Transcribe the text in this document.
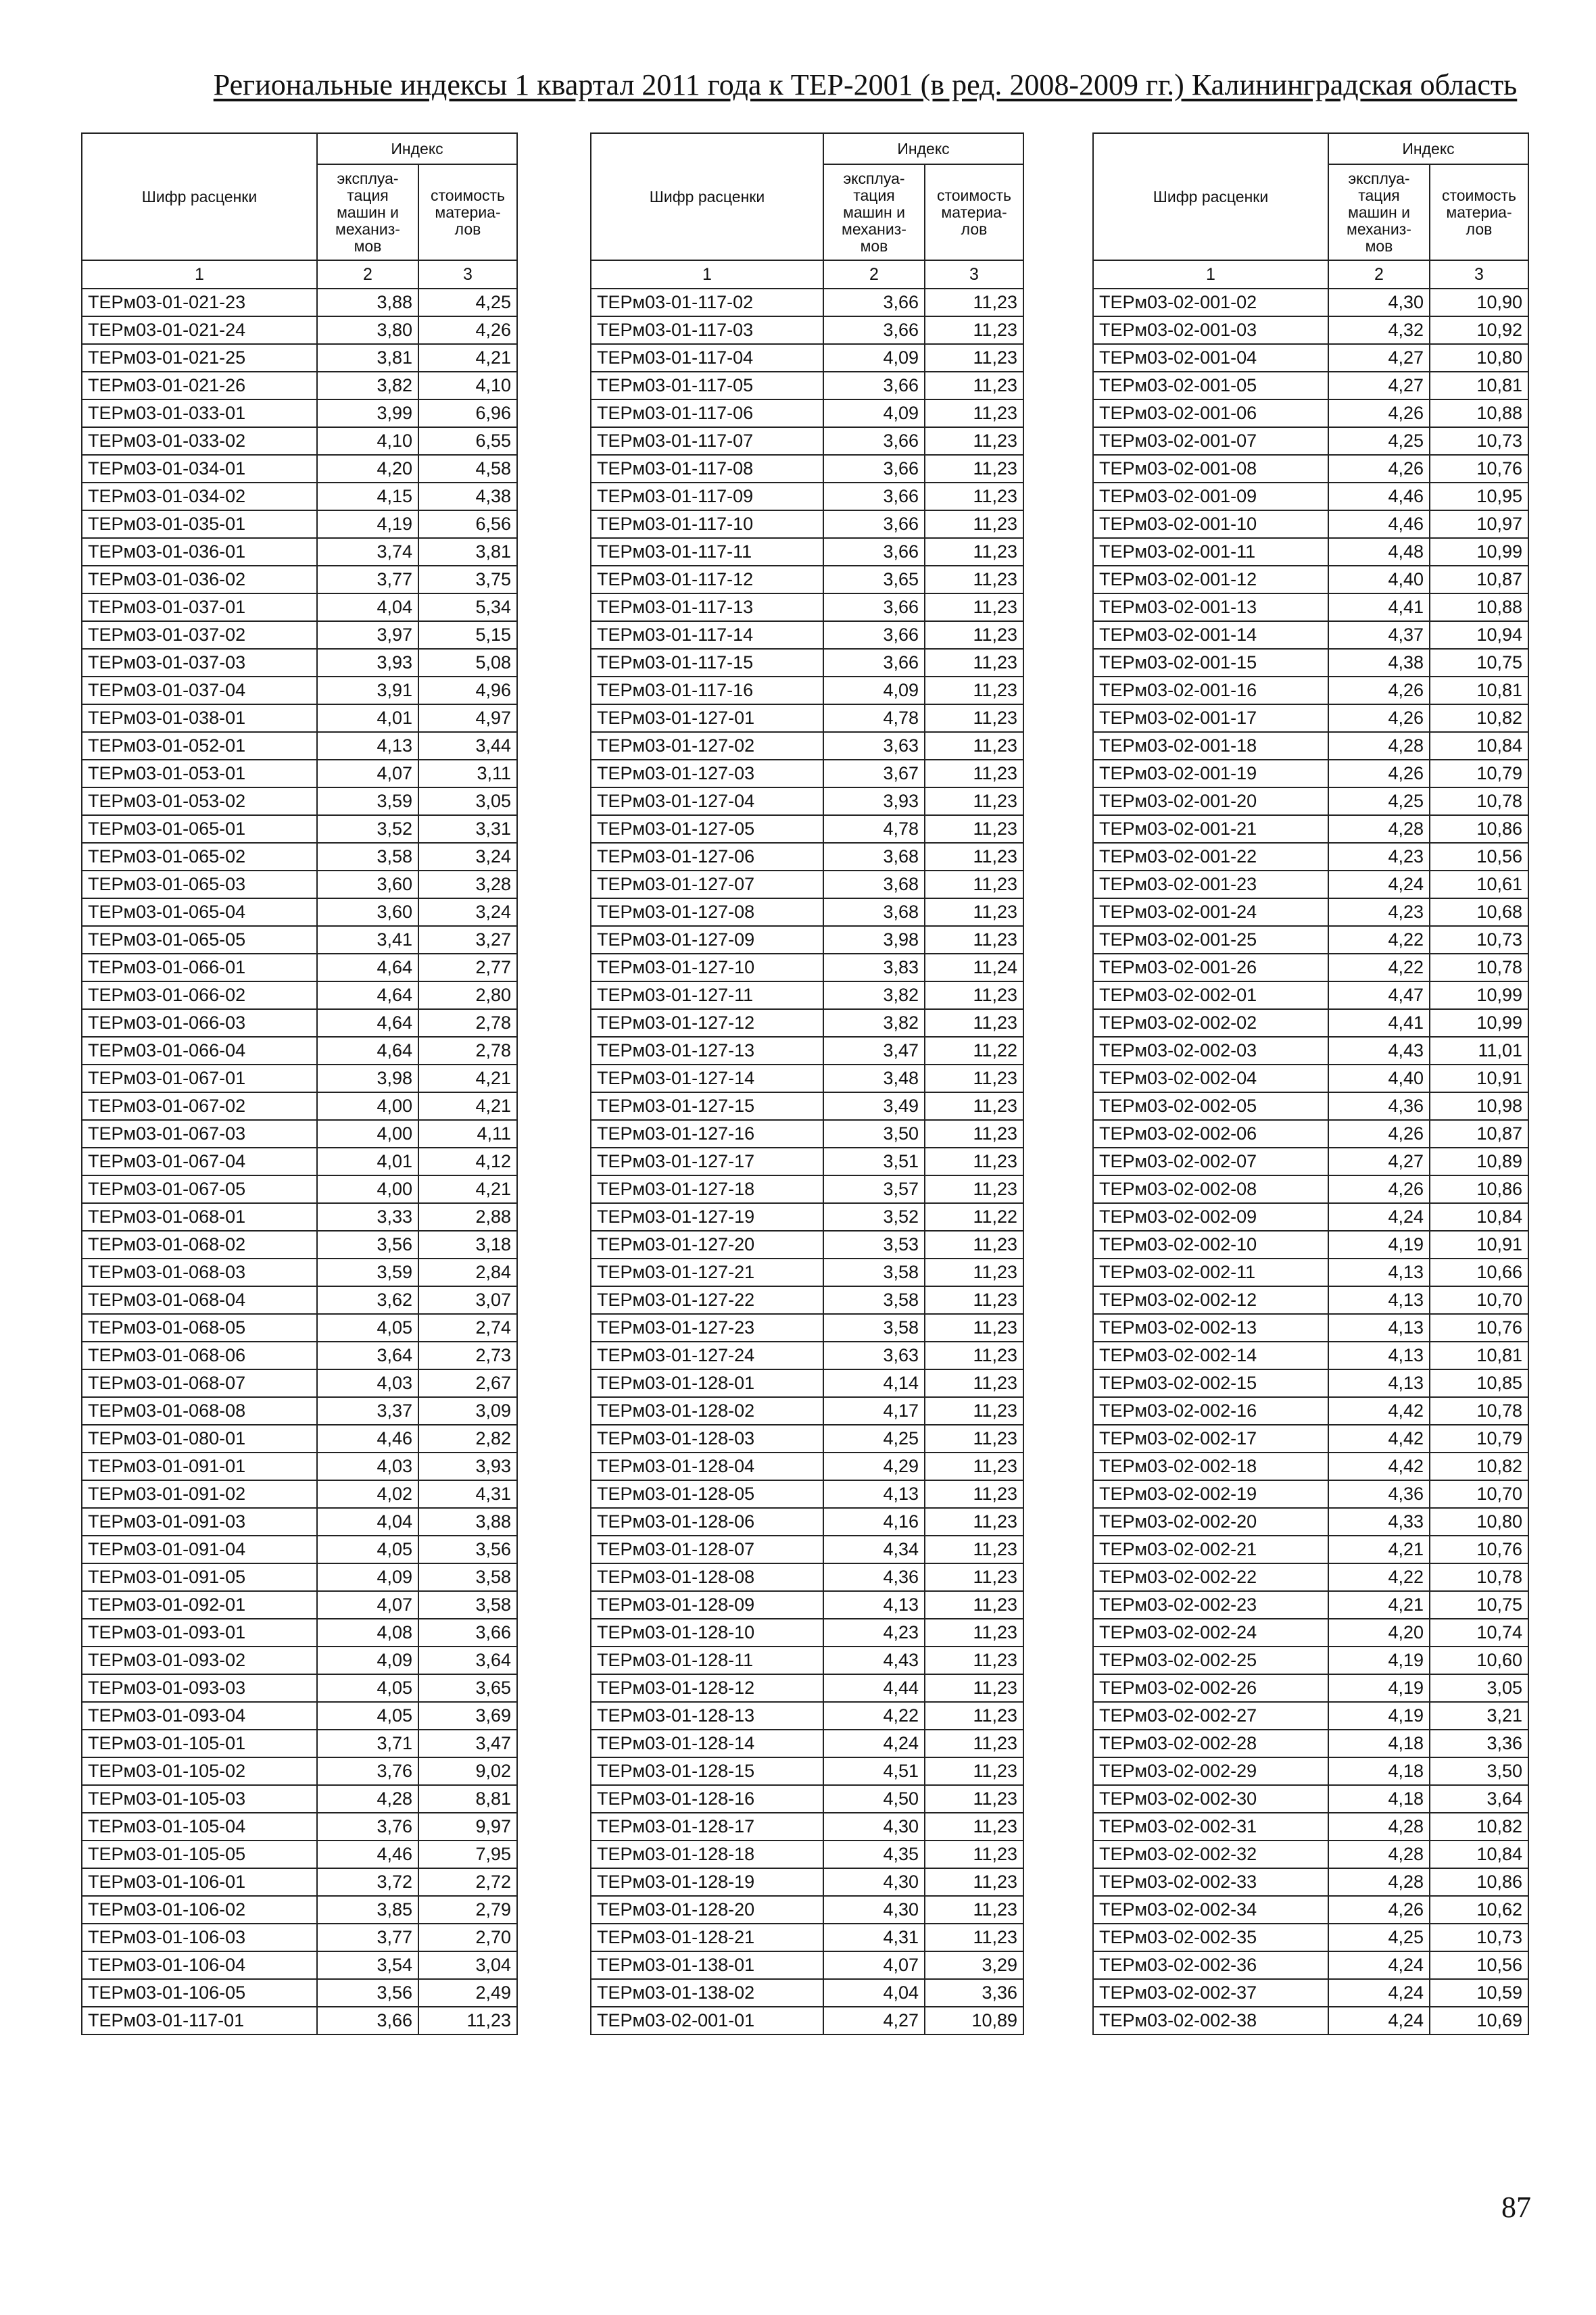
Региональные индексы 1 квартал 2011 года к ТЕР-2001 (в ред. 2008-2009 гг.) Калининградская область
Шифр расценки	Индекс	
	эксплуа-
тация
машин и
механиз-
мов	стоимость
материа-
лов
1	2	3
ТЕРм03-01-021-23	3,88	4,25
ТЕРм03-01-021-24	3,80	4,26
ТЕРм03-01-021-25	3,81	4,21
ТЕРм03-01-021-26	3,82	4,10
ТЕРм03-01-033-01	3,99	6,96
ТЕРм03-01-033-02	4,10	6,55
ТЕРм03-01-034-01	4,20	4,58
ТЕРм03-01-034-02	4,15	4,38
ТЕРм03-01-035-01	4,19	6,56
ТЕРм03-01-036-01	3,74	3,81
ТЕРм03-01-036-02	3,77	3,75
ТЕРм03-01-037-01	4,04	5,34
ТЕРм03-01-037-02	3,97	5,15
ТЕРм03-01-037-03	3,93	5,08
ТЕРм03-01-037-04	3,91	4,96
ТЕРм03-01-038-01	4,01	4,97
ТЕРм03-01-052-01	4,13	3,44
ТЕРм03-01-053-01	4,07	3,11
ТЕРм03-01-053-02	3,59	3,05
ТЕРм03-01-065-01	3,52	3,31
ТЕРм03-01-065-02	3,58	3,24
ТЕРм03-01-065-03	3,60	3,28
ТЕРм03-01-065-04	3,60	3,24
ТЕРм03-01-065-05	3,41	3,27
ТЕРм03-01-066-01	4,64	2,77
ТЕРм03-01-066-02	4,64	2,80
ТЕРм03-01-066-03	4,64	2,78
ТЕРм03-01-066-04	4,64	2,78
ТЕРм03-01-067-01	3,98	4,21
ТЕРм03-01-067-02	4,00	4,21
ТЕРм03-01-067-03	4,00	4,11
ТЕРм03-01-067-04	4,01	4,12
ТЕРм03-01-067-05	4,00	4,21
ТЕРм03-01-068-01	3,33	2,88
ТЕРм03-01-068-02	3,56	3,18
ТЕРм03-01-068-03	3,59	2,84
ТЕРм03-01-068-04	3,62	3,07
ТЕРм03-01-068-05	4,05	2,74
ТЕРм03-01-068-06	3,64	2,73
ТЕРм03-01-068-07	4,03	2,67
ТЕРм03-01-068-08	3,37	3,09
ТЕРм03-01-080-01	4,46	2,82
ТЕРм03-01-091-01	4,03	3,93
ТЕРм03-01-091-02	4,02	4,31
ТЕРм03-01-091-03	4,04	3,88
ТЕРм03-01-091-04	4,05	3,56
ТЕРм03-01-091-05	4,09	3,58
ТЕРм03-01-092-01	4,07	3,58
ТЕРм03-01-093-01	4,08	3,66
ТЕРм03-01-093-02	4,09	3,64
ТЕРм03-01-093-03	4,05	3,65
ТЕРм03-01-093-04	4,05	3,69
ТЕРм03-01-105-01	3,71	3,47
ТЕРм03-01-105-02	3,76	9,02
ТЕРм03-01-105-03	4,28	8,81
ТЕРм03-01-105-04	3,76	9,97
ТЕРм03-01-105-05	4,46	7,95
ТЕРм03-01-106-01	3,72	2,72
ТЕРм03-01-106-02	3,85	2,79
ТЕРм03-01-106-03	3,77	2,70
ТЕРм03-01-106-04	3,54	3,04
ТЕРм03-01-106-05	3,56	2,49
ТЕРм03-01-117-01	3,66	11,23
Шифр расценки	Индекс	
	эксплуа-
тация
машин и
механиз-
мов	стоимость
материа-
лов
1	2	3
ТЕРм03-01-117-02	3,66	11,23
ТЕРм03-01-117-03	3,66	11,23
ТЕРм03-01-117-04	4,09	11,23
ТЕРм03-01-117-05	3,66	11,23
ТЕРм03-01-117-06	4,09	11,23
ТЕРм03-01-117-07	3,66	11,23
ТЕРм03-01-117-08	3,66	11,23
ТЕРм03-01-117-09	3,66	11,23
ТЕРм03-01-117-10	3,66	11,23
ТЕРм03-01-117-11	3,66	11,23
ТЕРм03-01-117-12	3,65	11,23
ТЕРм03-01-117-13	3,66	11,23
ТЕРм03-01-117-14	3,66	11,23
ТЕРм03-01-117-15	3,66	11,23
ТЕРм03-01-117-16	4,09	11,23
ТЕРм03-01-127-01	4,78	11,23
ТЕРм03-01-127-02	3,63	11,23
ТЕРм03-01-127-03	3,67	11,23
ТЕРм03-01-127-04	3,93	11,23
ТЕРм03-01-127-05	4,78	11,23
ТЕРм03-01-127-06	3,68	11,23
ТЕРм03-01-127-07	3,68	11,23
ТЕРм03-01-127-08	3,68	11,23
ТЕРм03-01-127-09	3,98	11,23
ТЕРм03-01-127-10	3,83	11,24
ТЕРм03-01-127-11	3,82	11,23
ТЕРм03-01-127-12	3,82	11,23
ТЕРм03-01-127-13	3,47	11,22
ТЕРм03-01-127-14	3,48	11,23
ТЕРм03-01-127-15	3,49	11,23
ТЕРм03-01-127-16	3,50	11,23
ТЕРм03-01-127-17	3,51	11,23
ТЕРм03-01-127-18	3,57	11,23
ТЕРм03-01-127-19	3,52	11,22
ТЕРм03-01-127-20	3,53	11,23
ТЕРм03-01-127-21	3,58	11,23
ТЕРм03-01-127-22	3,58	11,23
ТЕРм03-01-127-23	3,58	11,23
ТЕРм03-01-127-24	3,63	11,23
ТЕРм03-01-128-01	4,14	11,23
ТЕРм03-01-128-02	4,17	11,23
ТЕРм03-01-128-03	4,25	11,23
ТЕРм03-01-128-04	4,29	11,23
ТЕРм03-01-128-05	4,13	11,23
ТЕРм03-01-128-06	4,16	11,23
ТЕРм03-01-128-07	4,34	11,23
ТЕРм03-01-128-08	4,36	11,23
ТЕРм03-01-128-09	4,13	11,23
ТЕРм03-01-128-10	4,23	11,23
ТЕРм03-01-128-11	4,43	11,23
ТЕРм03-01-128-12	4,44	11,23
ТЕРм03-01-128-13	4,22	11,23
ТЕРм03-01-128-14	4,24	11,23
ТЕРм03-01-128-15	4,51	11,23
ТЕРм03-01-128-16	4,50	11,23
ТЕРм03-01-128-17	4,30	11,23
ТЕРм03-01-128-18	4,35	11,23
ТЕРм03-01-128-19	4,30	11,23
ТЕРм03-01-128-20	4,30	11,23
ТЕРм03-01-128-21	4,31	11,23
ТЕРм03-01-138-01	4,07	3,29
ТЕРм03-01-138-02	4,04	3,36
ТЕРм03-02-001-01	4,27	10,89
Шифр расценки	Индекс	
	эксплуа-
тация
машин и
механиз-
мов	стоимость
материа-
лов
1	2	3
ТЕРм03-02-001-02	4,30	10,90
ТЕРм03-02-001-03	4,32	10,92
ТЕРм03-02-001-04	4,27	10,80
ТЕРм03-02-001-05	4,27	10,81
ТЕРм03-02-001-06	4,26	10,88
ТЕРм03-02-001-07	4,25	10,73
ТЕРм03-02-001-08	4,26	10,76
ТЕРм03-02-001-09	4,46	10,95
ТЕРм03-02-001-10	4,46	10,97
ТЕРм03-02-001-11	4,48	10,99
ТЕРм03-02-001-12	4,40	10,87
ТЕРм03-02-001-13	4,41	10,88
ТЕРм03-02-001-14	4,37	10,94
ТЕРм03-02-001-15	4,38	10,75
ТЕРм03-02-001-16	4,26	10,81
ТЕРм03-02-001-17	4,26	10,82
ТЕРм03-02-001-18	4,28	10,84
ТЕРм03-02-001-19	4,26	10,79
ТЕРм03-02-001-20	4,25	10,78
ТЕРм03-02-001-21	4,28	10,86
ТЕРм03-02-001-22	4,23	10,56
ТЕРм03-02-001-23	4,24	10,61
ТЕРм03-02-001-24	4,23	10,68
ТЕРм03-02-001-25	4,22	10,73
ТЕРм03-02-001-26	4,22	10,78
ТЕРм03-02-002-01	4,47	10,99
ТЕРм03-02-002-02	4,41	10,99
ТЕРм03-02-002-03	4,43	11,01
ТЕРм03-02-002-04	4,40	10,91
ТЕРм03-02-002-05	4,36	10,98
ТЕРм03-02-002-06	4,26	10,87
ТЕРм03-02-002-07	4,27	10,89
ТЕРм03-02-002-08	4,26	10,86
ТЕРм03-02-002-09	4,24	10,84
ТЕРм03-02-002-10	4,19	10,91
ТЕРм03-02-002-11	4,13	10,66
ТЕРм03-02-002-12	4,13	10,70
ТЕРм03-02-002-13	4,13	10,76
ТЕРм03-02-002-14	4,13	10,81
ТЕРм03-02-002-15	4,13	10,85
ТЕРм03-02-002-16	4,42	10,78
ТЕРм03-02-002-17	4,42	10,79
ТЕРм03-02-002-18	4,42	10,82
ТЕРм03-02-002-19	4,36	10,70
ТЕРм03-02-002-20	4,33	10,80
ТЕРм03-02-002-21	4,21	10,76
ТЕРм03-02-002-22	4,22	10,78
ТЕРм03-02-002-23	4,21	10,75
ТЕРм03-02-002-24	4,20	10,74
ТЕРм03-02-002-25	4,19	10,60
ТЕРм03-02-002-26	4,19	3,05
ТЕРм03-02-002-27	4,19	3,21
ТЕРм03-02-002-28	4,18	3,36
ТЕРм03-02-002-29	4,18	3,50
ТЕРм03-02-002-30	4,18	3,64
ТЕРм03-02-002-31	4,28	10,82
ТЕРм03-02-002-32	4,28	10,84
ТЕРм03-02-002-33	4,28	10,86
ТЕРм03-02-002-34	4,26	10,62
ТЕРм03-02-002-35	4,25	10,73
ТЕРм03-02-002-36	4,24	10,56
ТЕРм03-02-002-37	4,24	10,59
ТЕРм03-02-002-38	4,24	10,69
87
